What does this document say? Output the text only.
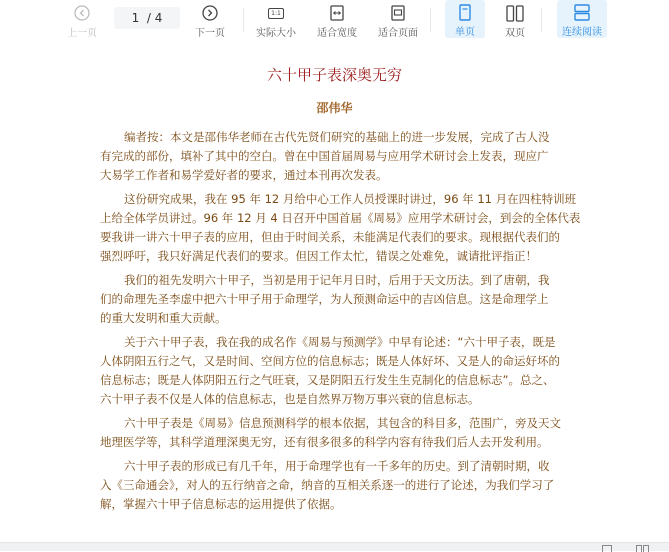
上一页
1  / 4
下一页
1:1
实际大小 适合宽度 适合页面	单页	双页	连续阅读
六十甲子表深奥无穷
邵伟华
编者按：本文是邵伟华老师在古代先贤们研究的基础上的进一步发展，完成了古人没
有完成的部份，填补了其中的空白。曾在中国首届周易与应用学术研讨会上发表，现应广
大易学工作者和易学爱好者的要求，通过本刊再次发表。
这份研究成果，我在 95 年 12 月给中心工作人员授课时讲过，96 年 11 月在四柱特训班
上给全体学员讲过。96 年 12 月 4 日召开中国首届《周易》应用学术研讨会，到会的全体代表
要我讲一讲六十甲子表的应用，但由于时间关系，未能满足代表们的要求。现根据代表们的
强烈呼吁，我只好满足代表们的要求。但因工作太忙，错误之处难免，诚请批评指正！
我们的祖先发明六十甲子，当初是用于记年月日时，后用于天文历法。到了唐朝，我
们的命理先圣李虚中把六十甲子用于命理学，为人预测命运中的吉凶信息。这是命理学上
的重大发明和重大贡献。
关于六十甲子表，我在我的成名作《周易与预测学》中早有论述：“六十甲子表，既是
人体阴阳五行之气，又是时间、空间方位的信息标志；既是人体好坏、又是人的命运好坏的
信息标志；既是人体阴阳五行之气旺衰，又是阴阳五行发生生克制化的信息标志”。总之、
六十甲子表不仅是人体的信息标志，也是自然界万物万事兴衰的信息标志。
六十甲子表是《周易》信息预测科学的根本依据，其包含的科目多，范围广，旁及天文
地理医学等，其科学道理深奥无穷，还有很多很多的科学内容有待我们后人去开发利用。
六十甲子表的形成已有几千年，用于命理学也有一千多年的历史。到了清朝时期，收
入《三命通会》，对人的五行纳音之命，纳音的互相关系逐一的进行了论述，为我们学习了
解，掌握六十甲子信息标志的运用提供了依据。
